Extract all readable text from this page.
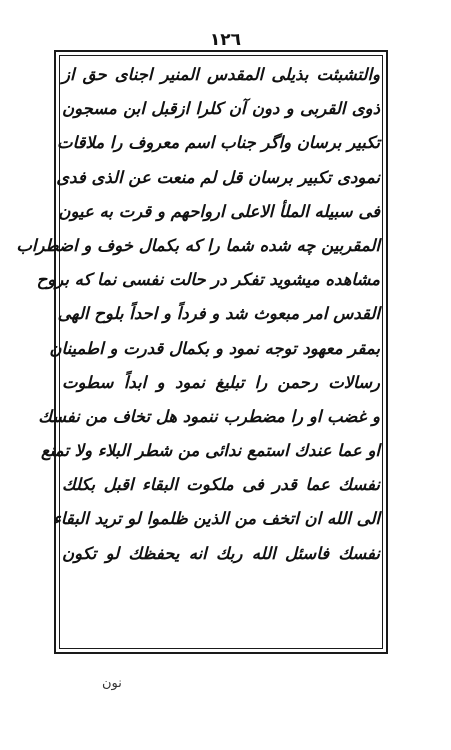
١٢٦
والتشبثت بذيلى المقدس المنير اجناى حق از
ذوى القربى و دون آن كلرا ازقبل ابن مسجون
تكبير برسان واگر جناب اسم معروف را ملاقات
نمودى تكبير برسان قل لم منعت عن الذى فدى
فى سبيله الملأ الاعلى ارواحهم و قرت به عيون
المقربين چه شده شما را كه بكمال خوف و اضطراب
مشاهده ميشويد تفكر در حالت نفسى نما كه بروح
القدس امر مبعوث شد و فرداً و احداً بلوح الهى
بمقر معهود توجه نمود و بكمال قدرت و اطمينان
رسالات رحمن را تبليغ نمود و ابداً سطوت
و غضب او را مضطرب ننمود هل تخاف من نفسك
او عما عندك استمع ندائى من شطر البلاء ولا تمنع
نفسك عما قدر فى ملكوت البقاء اقبل بكلك
الى الله ان اتخف من الذين ظلموا لو تريد البقاء
نفسك فاسئل الله ربك انه يحفظك لو تكون
نون
